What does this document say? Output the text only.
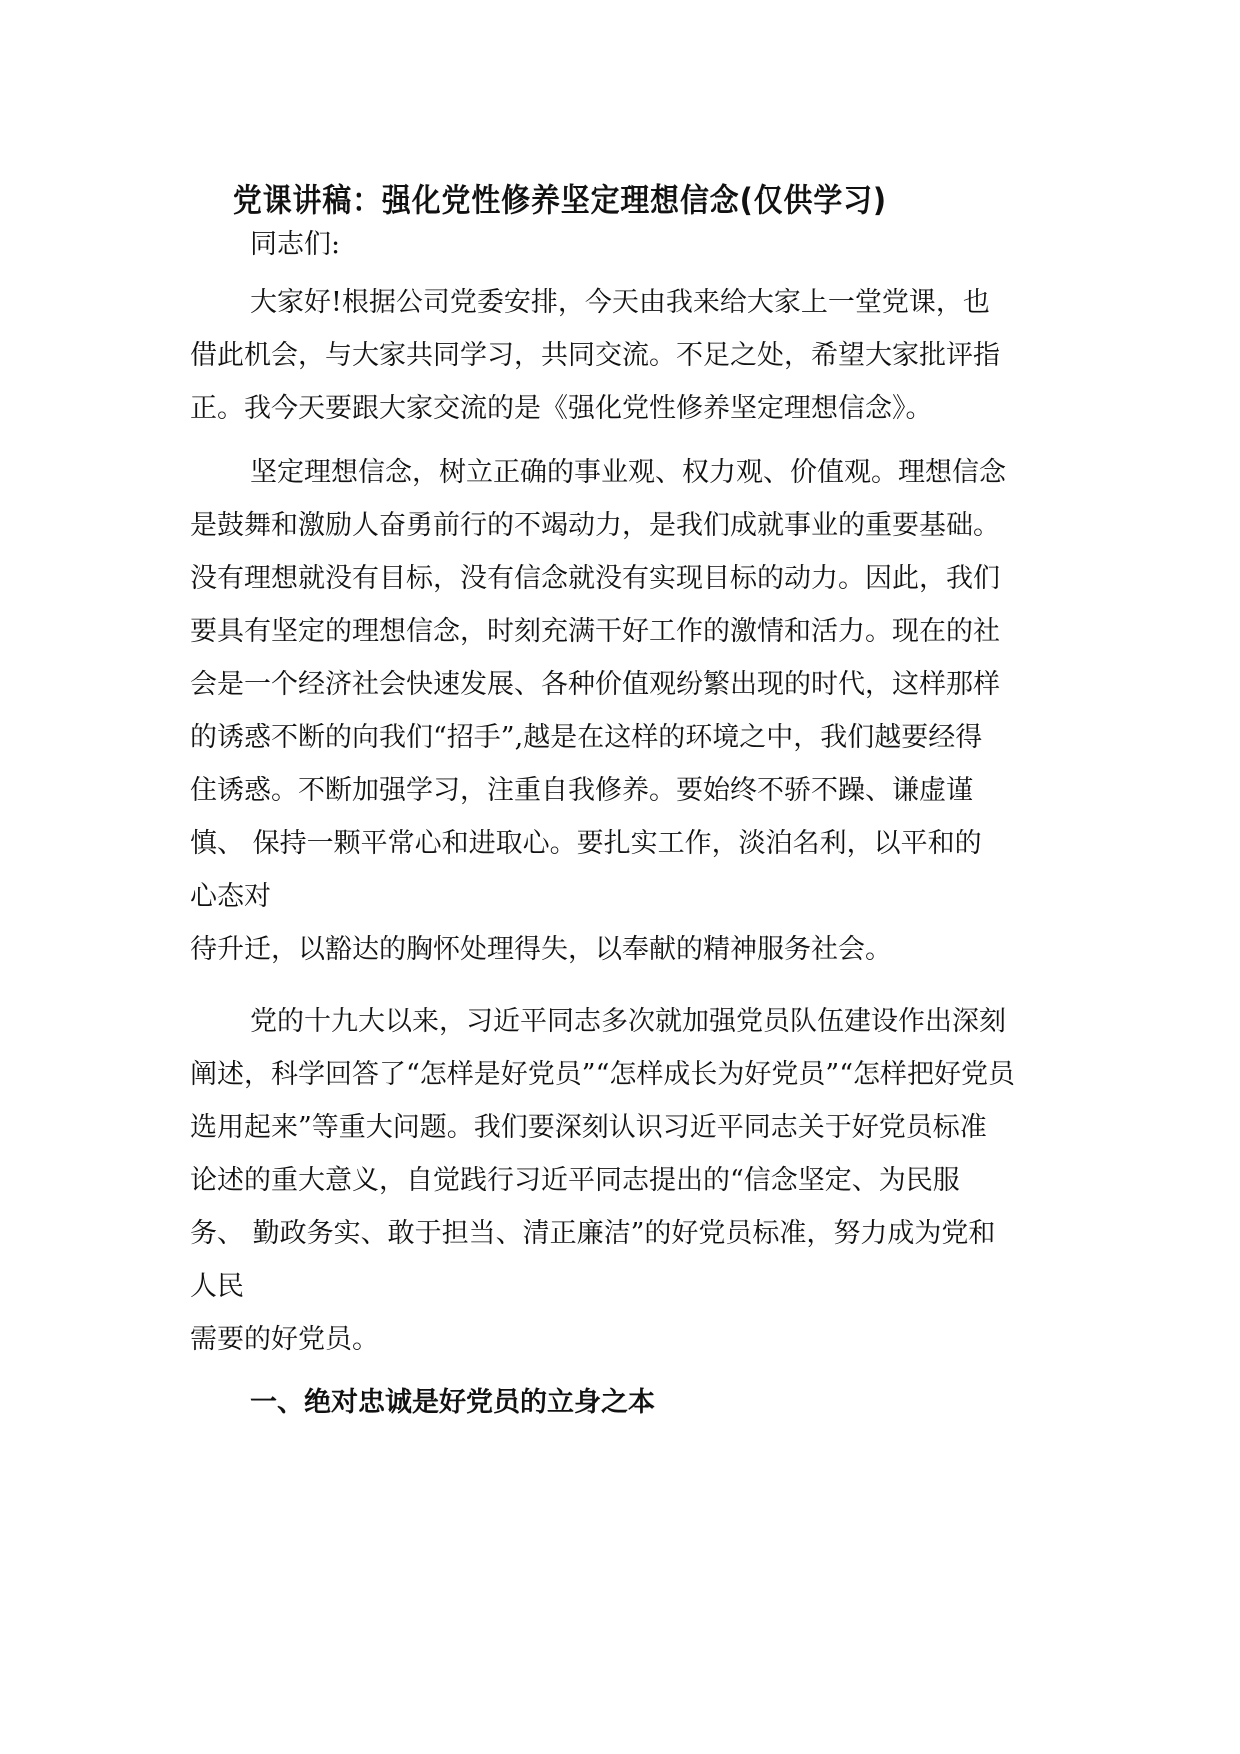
党课讲稿：强化党性修养坚定理想信念(仅供学习)
同志们:
大家好!根据公司党委安排，今天由我来给大家上一堂党课，也
借此机会，与大家共同学习，共同交流。不足之处，希望大家批评指
正。我今天要跟大家交流的是《强化党性修养坚定理想信念》。
坚定理想信念，树立正确的事业观、权力观、价值观。理想信念
是鼓舞和激励人奋勇前行的不竭动力，是我们成就事业的重要基础。
没有理想就没有目标，没有信念就没有实现目标的动力。因此，我们
要具有坚定的理想信念，时刻充满干好工作的激情和活力。现在的社
会是一个经济社会快速发展、各种价值观纷繁出现的时代，这样那样
的诱惑不断的向我们“招手”,越是在这样的环境之中，我们越要经得
住诱惑。不断加强学习，注重自我修养。要始终不骄不躁、谦虚谨
慎、 保持一颗平常心和进取心。要扎实工作，淡泊名利，以平和的
心态对
待升迁，以豁达的胸怀处理得失，以奉献的精神服务社会。
党的十九大以来，习近平同志多次就加强党员队伍建设作出深刻
阐述，科学回答了“怎样是好党员”“怎样成长为好党员”“怎样把好党员
选用起来”等重大问题。我们要深刻认识习近平同志关于好党员标准
论述的重大意义，自觉践行习近平同志提出的“信念坚定、为民服
务、 勤政务实、敢于担当、清正廉洁”的好党员标准，努力成为党和
人民
需要的好党员。
一、绝对忠诚是好党员的立身之本
